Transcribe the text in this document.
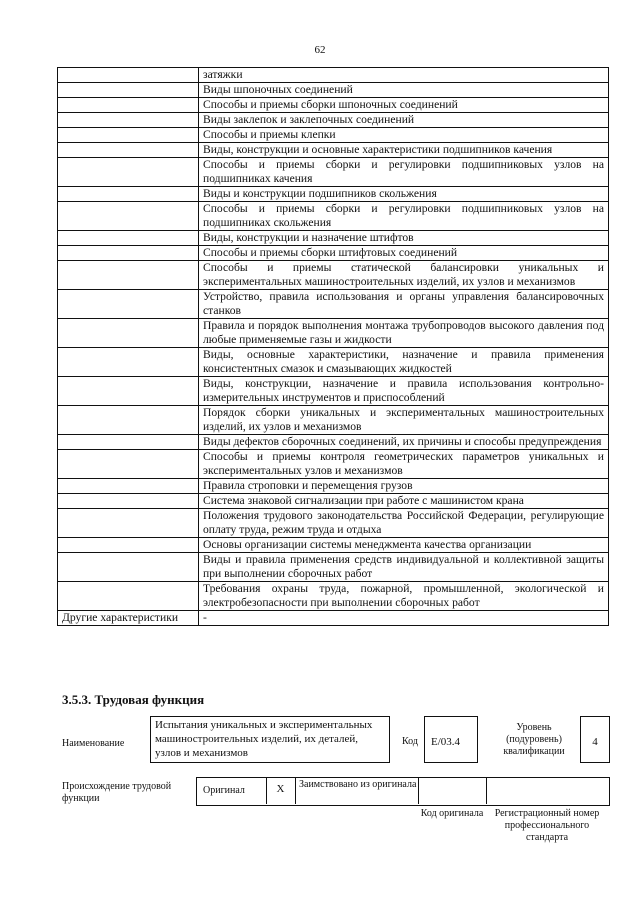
62
	затяжки
	Виды шпоночных соединений
	Способы и приемы сборки шпоночных соединений
	Виды заклепок и заклепочных соединений
	Способы и приемы клепки
	Виды, конструкции и основные характеристики подшипников качения
	Способы и приемы сборки и регулировки подшипниковых узлов на подшипниках качения
	Виды и конструкции подшипников скольжения
	Способы и приемы сборки и регулировки подшипниковых узлов на подшипниках скольжения
	Виды, конструкции и назначение штифтов
	Способы и приемы сборки штифтовых соединений
	Способы и приемы статической балансировки уникальных и экспериментальных машиностроительных изделий, их узлов и механизмов
	Устройство, правила использования и органы управления балансировочных станков
	Правила и порядок выполнения монтажа трубопроводов высокого давления под любые применяемые газы и жидкости
	Виды, основные характеристики, назначение и правила применения консистентных смазок и смазывающих жидкостей
	Виды, конструкции, назначение и правила использования контрольно-измерительных инструментов и приспособлений
	Порядок сборки уникальных и экспериментальных машиностроительных изделий, их узлов и механизмов
	Виды дефектов сборочных соединений, их причины и способы предупреждения
	Способы и приемы контроля геометрических параметров уникальных и экспериментальных узлов и механизмов
	Правила строповки и перемещения грузов
	Система знаковой сигнализации при работе с машинистом крана
	Положения трудового законодательства Российской Федерации, регулирующие оплату труда, режим труда и отдыха
	Основы организации системы менеджмента качества организации
	Виды и правила применения средств индивидуальной и коллективной защиты при выполнении сборочных работ
	Требования охраны труда, пожарной, промышленной, экологической и электробезопасности при выполнении сборочных работ
Другие характеристики	-
3.5.3. Трудовая функция
Наименование
Испытания уникальных и экспериментальных машиностроительных изделий, их деталей, узлов и механизмов
Код	E/03.4
Уровень (подуровень) квалификации
4
Происхождение трудовой функции
Оригинал	X	Заимствовано из оригинала
Код оригинала	Регистрационный номер профессионального стандарта
